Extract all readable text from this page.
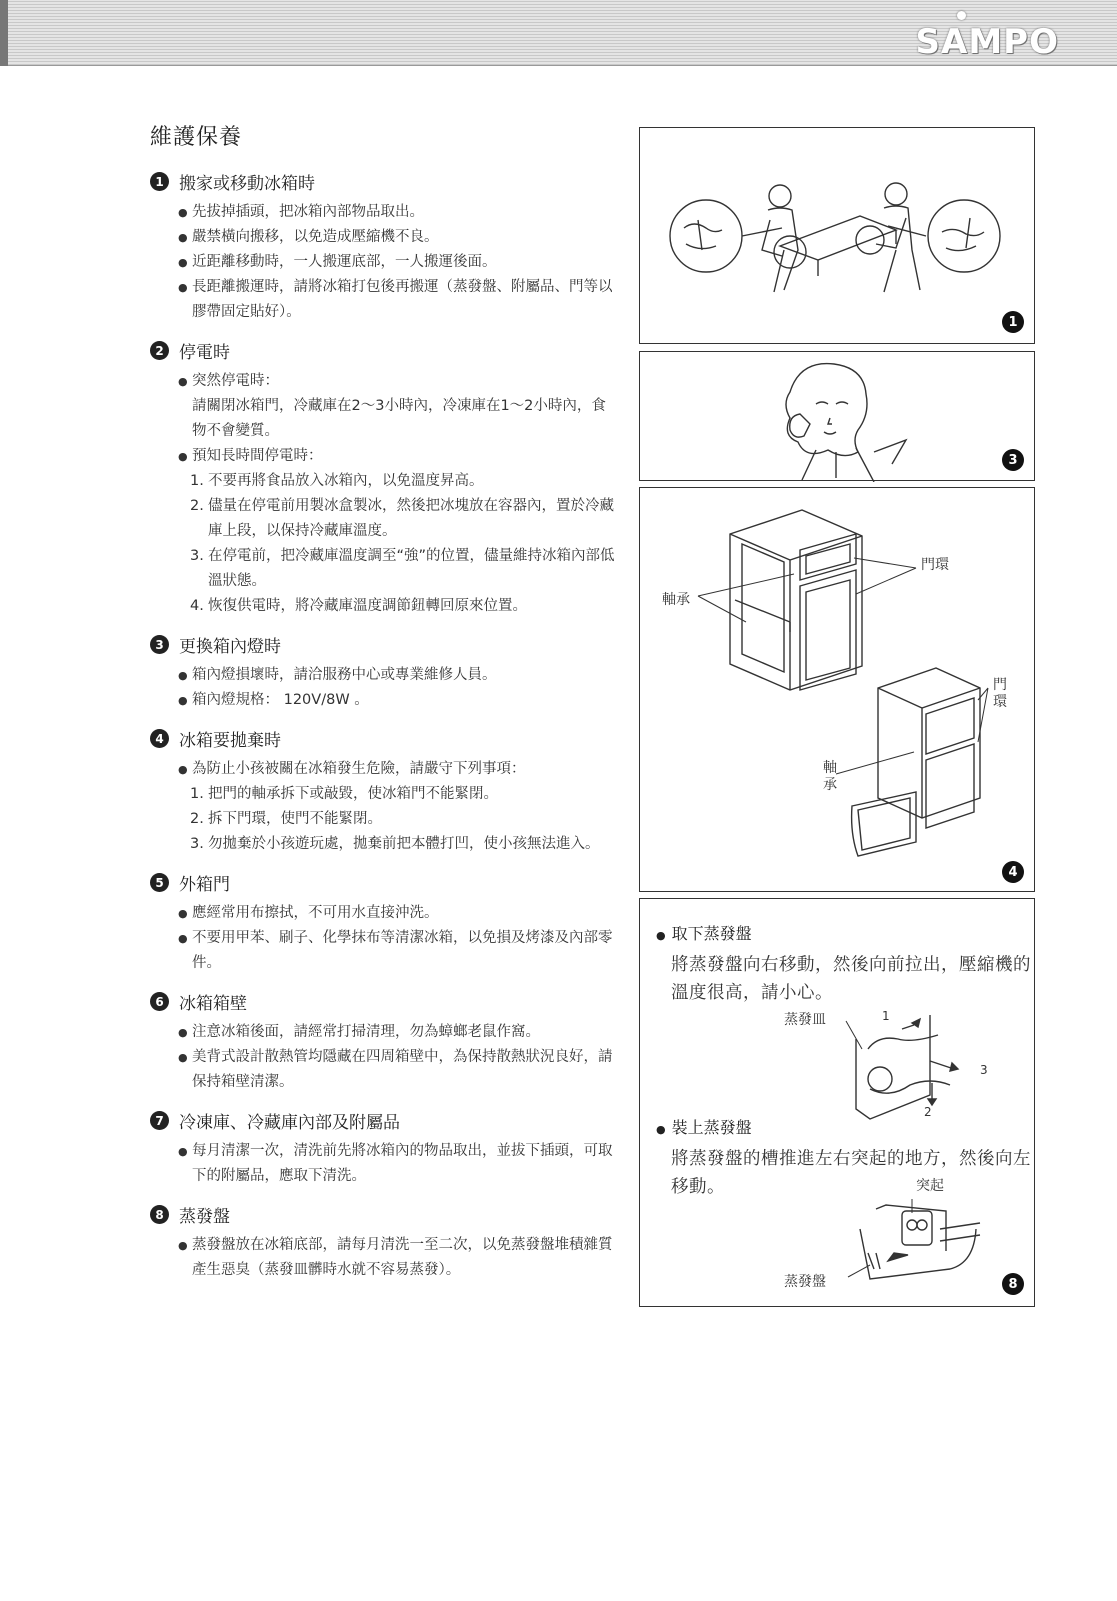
SAMPO
維護保養
1 搬家或移動冰箱時
● 先拔掉插頭，把冰箱內部物品取出。
● 嚴禁橫向搬移，以免造成壓縮機不良。
● 近距離移動時，一人搬運底部，一人搬運後面。
● 長距離搬運時，請將冰箱打包後再搬運（蒸發盤、附屬品、門等以膠帶固定貼好）。
2 停電時
● 突然停電時：
請關閉冰箱門，冷藏庫在2～3小時內，冷凍庫在1～2小時內，食物不會變質。
● 預知長時間停電時：
1. 不要再將食品放入冰箱內，以免溫度昇高。
2. 儘量在停電前用製冰盒製冰，然後把冰塊放在容器內，置於冷藏庫上段，以保持冷藏庫溫度。
3. 在停電前，把冷藏庫溫度調至“強”的位置，儘量維持冰箱內部低溫狀態。
4. 恢復供電時，將冷藏庫溫度調節鈕轉回原來位置。
3 更換箱內燈時
● 箱內燈損壞時，請洽服務中心或專業維修人員。
● 箱內燈規格： 120V/8W 。
4 冰箱要拋棄時
● 為防止小孩被關在冰箱發生危險，請嚴守下列事項：
1. 把門的軸承拆下或敲毀，使冰箱門不能緊閉。
2. 拆下門環，使門不能緊閉。
3. 勿拋棄於小孩遊玩處，拋棄前把本體打凹，使小孩無法進入。
5 外箱門
● 應經常用布擦拭，不可用水直接沖洗。
● 不要用甲苯、刷子、化學抹布等清潔冰箱，以免損及烤漆及內部零件。
6 冰箱箱壁
● 注意冰箱後面，請經常打掃清理，勿為蟑螂老鼠作窩。
● 美背式設計散熱管均隱藏在四周箱壁中，為保持散熱狀況良好，請保持箱壁清潔。
7 冷凍庫、冷藏庫內部及附屬品
● 每月清潔一次，清洗前先將冰箱內的物品取出，並拔下插頭，可取下的附屬品，應取下清洗。
8 蒸發盤
● 蒸發盤放在冰箱底部，請每月清洗一至二次，以免蒸發盤堆積雜質產生惡臭（蒸發皿髒時水就不容易蒸發）。
1
3
門環
軸承
門環
軸承
4
● 取下蒸發盤
將蒸發盤向右移動，然後向前拉出，壓縮機的溫度很高，請小心。
蒸發皿	1
3
2
● 裝上蒸發盤
將蒸發盤的槽推進左右突起的地方，然後向左移動。	突起
蒸發盤	8
